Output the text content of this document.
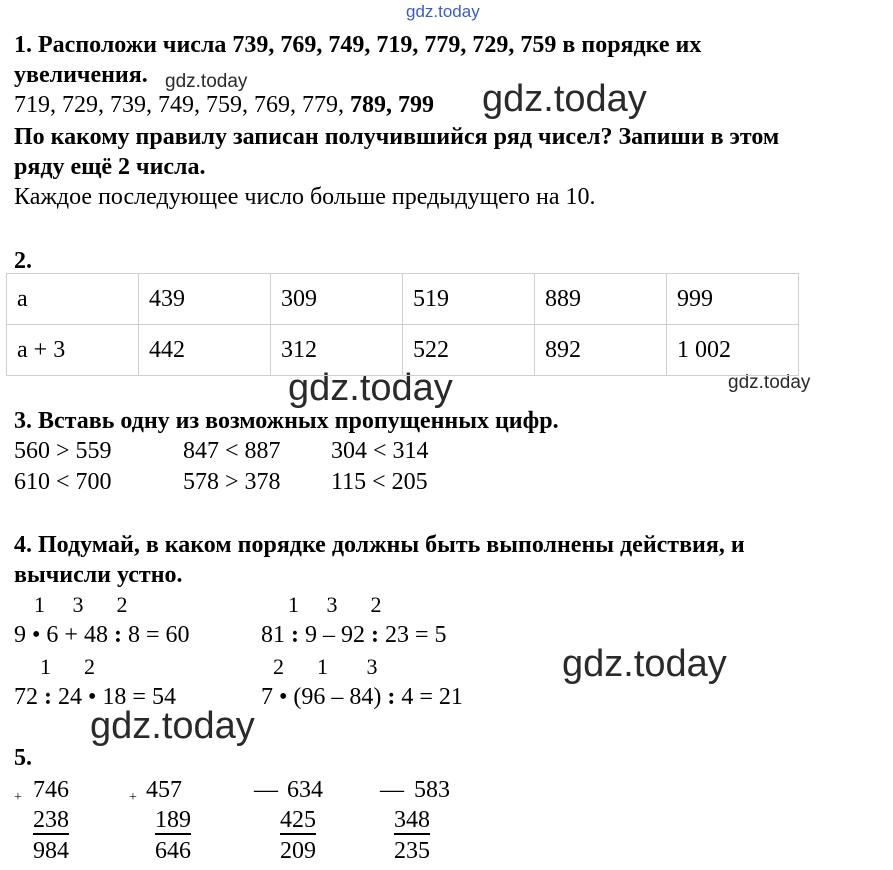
gdz.today
gdz.today	gdz.today
gdz.today	gdz.today
gdz.today
gdz.today
1. Расположи числа 739, 769, 749, 719, 779, 729, 759 в порядке их
увеличения.
719, 729, 739, 749, 759, 769, 779, 789, 799
По какому правилу записан получившийся ряд чисел? Запиши в этом
ряду ещё 2 числа.
Каждое последующее число больше предыдущего на 10.
2.
а	439	309	519	889	999
а + 3	442	312	522	892	1 002
3. Вставь одну из возможных пропущенных цифр.
560 > 559	847 < 887 304 < 314
610 < 700	578 > 378 115 < 205
4. Подумай, в каком порядке должны быть выполнены действия, и
вычисли устно.
1     3      2
9 • 6 + 48 : 8 = 60
1     3      2
81 : 9 – 92 : 23 = 5
1      2
72 : 24 • 18 = 54
2      1       3
7 • (96 – 84) : 4 = 21
5.
+ 746
238
984
+ 457
189
646
— 634
425
209
— 583
348
235
